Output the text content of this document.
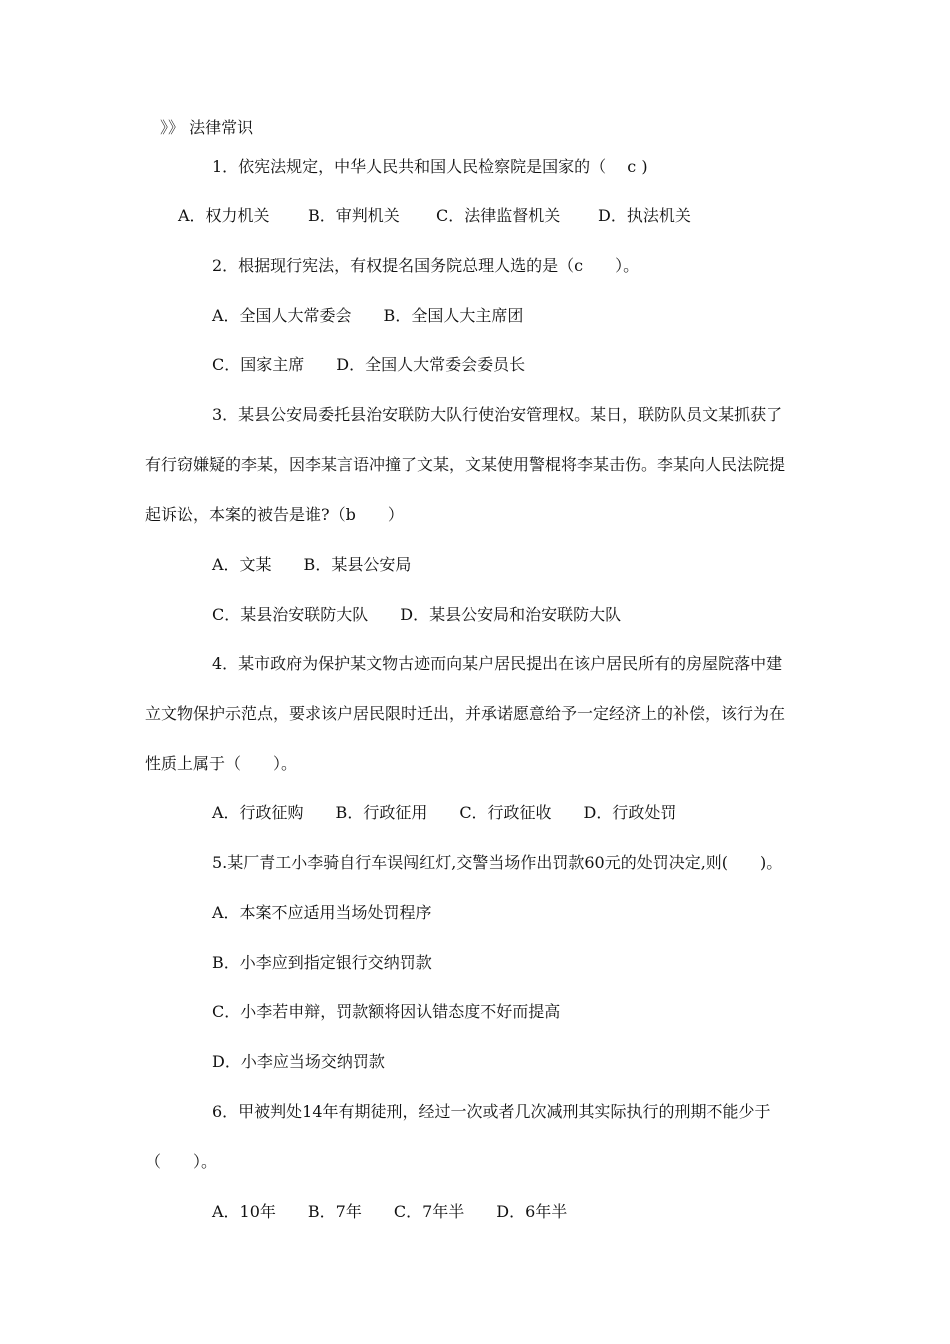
》》 法律常识
1．依宪法规定，中华人民共和国人民检察院是国家的（　 c )
A．权力机关 B．审判机关 C．法律监督机关 D．执法机关
2．根据现行宪法，有权提名国务院总理人选的是（c　　）。
A．全国人大常委会　　B．全国人大主席团
C．国家主席　　D．全国人大常委会委员长
3．某县公安局委托县治安联防大队行使治安管理权。某日，联防队员文某抓获了
有行窃嫌疑的李某，因李某言语冲撞了文某，文某使用警棍将李某击伤。李某向人民法院提
起诉讼，本案的被告是谁?（b　　）
A．文某　　B．某县公安局
C．某县治安联防大队　　D．某县公安局和治安联防大队
4．某市政府为保护某文物古迹而向某户居民提出在该户居民所有的房屋院落中建
立文物保护示范点，要求该户居民限时迁出，并承诺愿意给予一定经济上的补偿，该行为在
性质上属于（　　）。
A．行政征购　　B．行政征用　　C．行政征收　　D．行政处罚
5.某厂青工小李骑自行车误闯红灯,交警当场作出罚款60元的处罚决定,则(　　)。
A．本案不应适用当场处罚程序
B．小李应到指定银行交纳罚款
C．小李若申辩，罚款额将因认错态度不好而提高
D．小李应当场交纳罚款
6．甲被判处14年有期徒刑，经过一次或者几次减刑其实际执行的刑期不能少于
（　　）。
A．10年　　B．7年　　C．7年半　　D．6年半
